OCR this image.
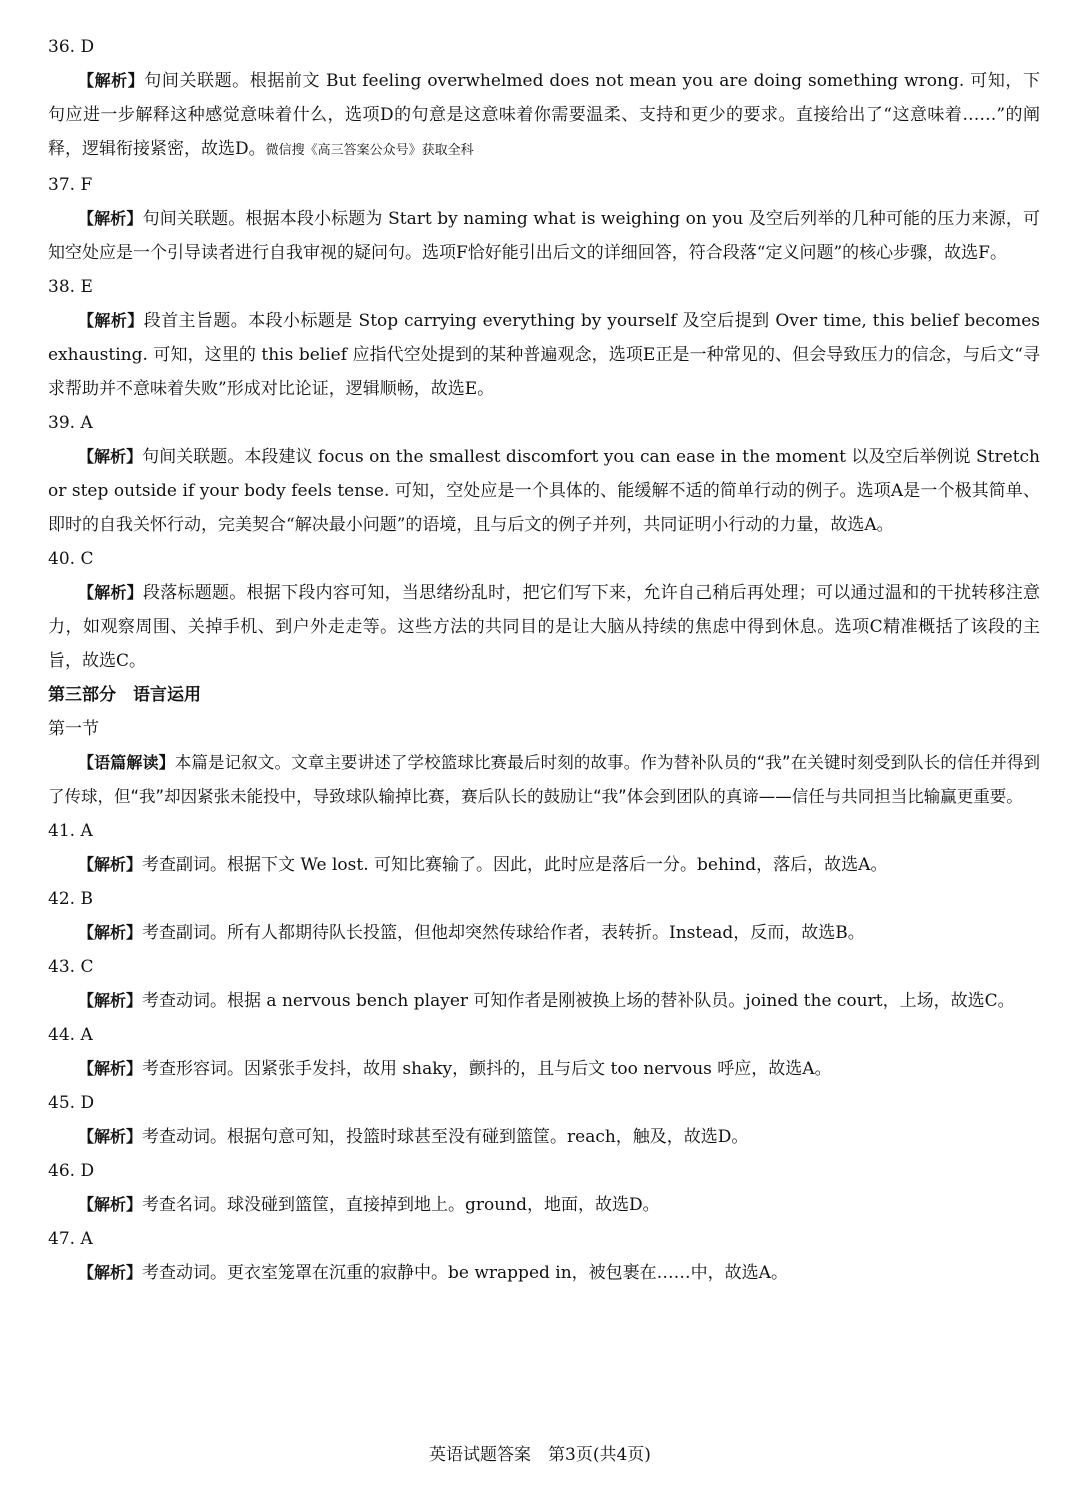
36. D
【解析】句间关联题。根据前文 But feeling overwhelmed does not mean you are doing something wrong. 可知，下句应进一步解释这种感觉意味着什么，选项D的句意是这意味着你需要温柔、支持和更少的要求。直接给出了“这意味着……”的阐释，逻辑衔接紧密，故选D。微信搜《高三答案公众号》获取全科
37. F
【解析】句间关联题。根据本段小标题为 Start by naming what is weighing on you 及空后列举的几种可能的压力来源，可知空处应是一个引导读者进行自我审视的疑问句。选项F恰好能引出后文的详细回答，符合段落“定义问题”的核心步骤，故选F。
38. E
【解析】段首主旨题。本段小标题是 Stop carrying everything by yourself 及空后提到 Over time, this belief becomes exhausting. 可知，这里的 this belief 应指代空处提到的某种普遍观念，选项E正是一种常见的、但会导致压力的信念，与后文“寻求帮助并不意味着失败”形成对比论证，逻辑顺畅，故选E。
39. A
【解析】句间关联题。本段建议 focus on the smallest discomfort you can ease in the moment 以及空后举例说 Stretch or step outside if your body feels tense. 可知，空处应是一个具体的、能缓解不适的简单行动的例子。选项A是一个极其简单、即时的自我关怀行动，完美契合“解决最小问题”的语境，且与后文的例子并列，共同证明小行动的力量，故选A。
40. C
【解析】段落标题题。根据下段内容可知，当思绪纷乱时，把它们写下来，允许自己稍后再处理；可以通过温和的干扰转移注意力，如观察周围、关掉手机、到户外走走等。这些方法的共同目的是让大脑从持续的焦虑中得到休息。选项C精准概括了该段的主旨，故选C。
第三部分　语言运用
第一节
【语篇解读】本篇是记叙文。文章主要讲述了学校篮球比赛最后时刻的故事。作为替补队员的“我”在关键时刻受到队长的信任并得到了传球，但“我”却因紧张未能投中，导致球队输掉比赛，赛后队长的鼓励让“我”体会到团队的真谛——信任与共同担当比输赢更重要。
41. A
【解析】考查副词。根据下文 We lost. 可知比赛输了。因此，此时应是落后一分。behind，落后，故选A。
42. B
【解析】考查副词。所有人都期待队长投篮，但他却突然传球给作者，表转折。Instead，反而，故选B。
43. C
【解析】考查动词。根据 a nervous bench player 可知作者是刚被换上场的替补队员。joined the court，上场，故选C。
44. A
【解析】考查形容词。因紧张手发抖，故用 shaky，颤抖的，且与后文 too nervous 呼应，故选A。
45. D
【解析】考查动词。根据句意可知，投篮时球甚至没有碰到篮筐。reach，触及，故选D。
46. D
【解析】考查名词。球没碰到篮筐，直接掉到地上。ground，地面，故选D。
47. A
【解析】考查动词。更衣室笼罩在沉重的寂静中。be wrapped in，被包裹在……中，故选A。
英语试题答案　第3页(共4页)
